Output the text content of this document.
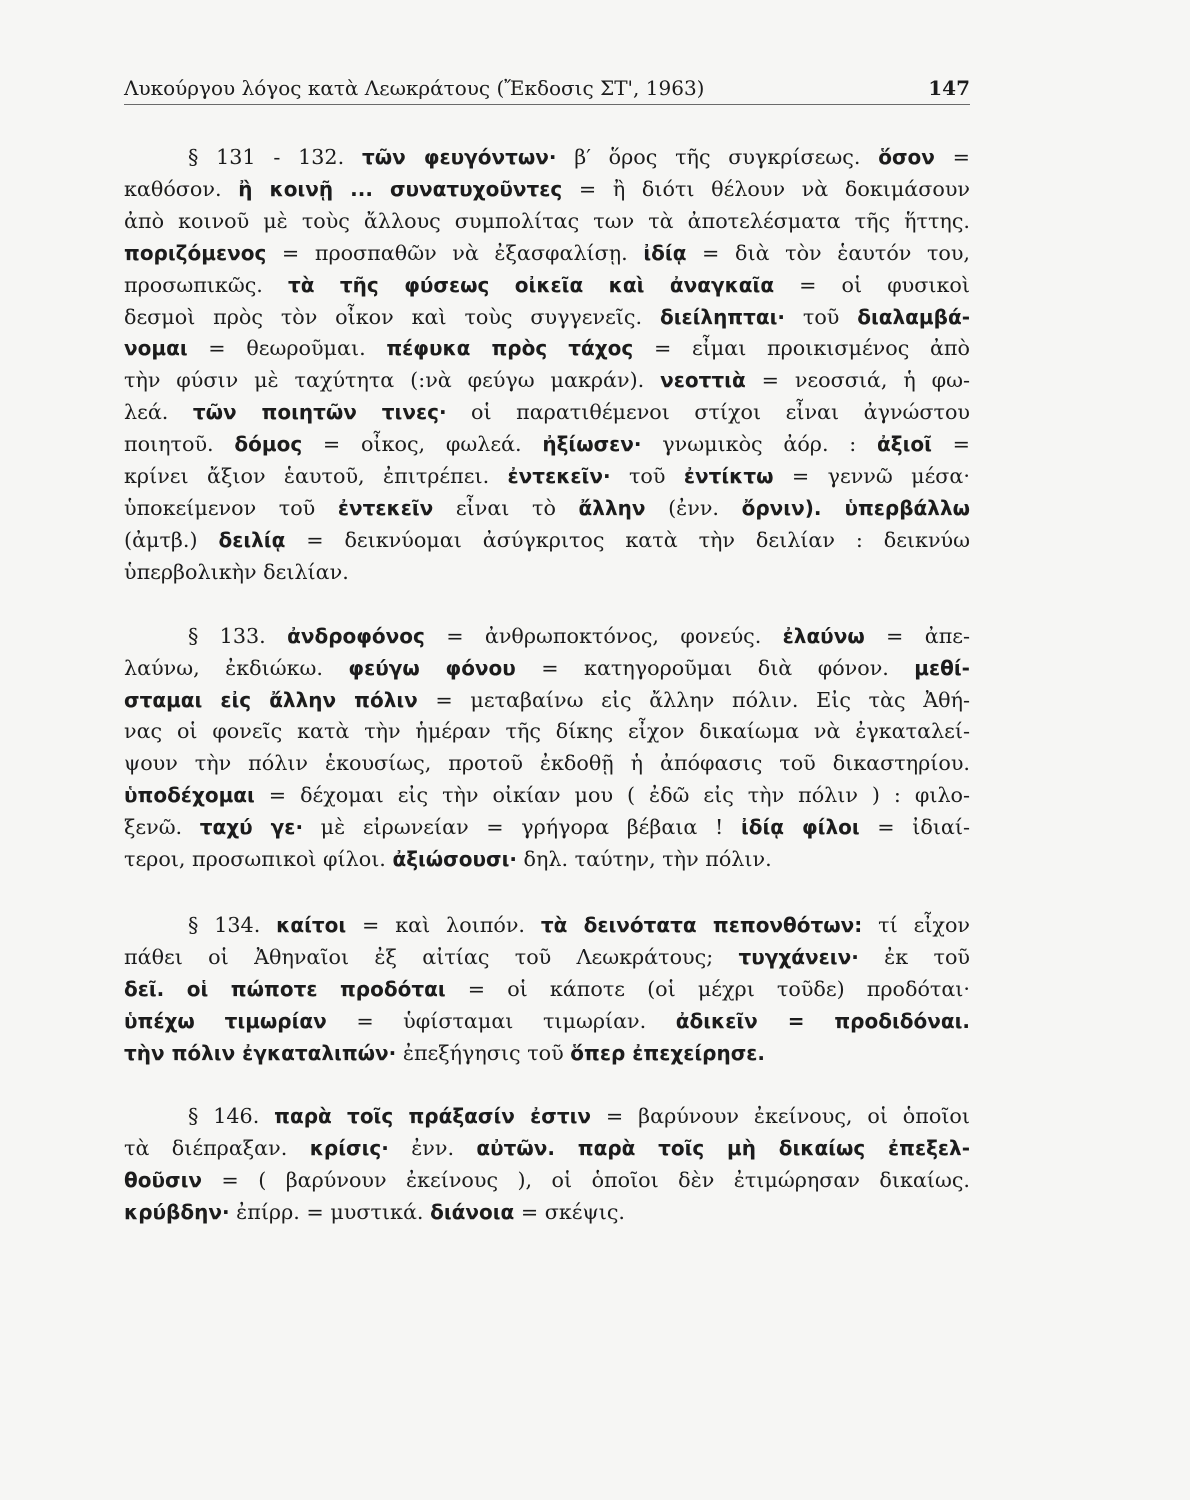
Λυκούργου λόγος κατὰ Λεωκράτους (Ἔκδοσις ΣΤ', 1963)	147
§ 131 - 132. τῶν φευγόντων· β′ ὅρος τῆς συγκρίσεως. ὅσον =
καθόσον. ἢ κοινῇ ... συνατυχοῦντες = ἢ διότι θέλουν νὰ δοκιμάσουν
ἀπὸ κοινοῦ μὲ τοὺς ἄλλους συμπολίτας των τὰ ἀποτελέσματα τῆς ἥττης.
πoριζόμενος = προσπαθῶν νὰ ἐξασφαλίσῃ. ἰδίᾳ = διὰ τὸν ἑαυτόν του,
προσωπικῶς. τὰ τῆς φύσεως οἰκεῖα καὶ ἀναγκαῖα = οἱ φυσικοὶ
δεσμοὶ πρὸς τὸν οἶκον καὶ τοὺς συγγενεῖς. διείληπται· τοῦ διαλαμβά-
νομαι = θεωροῦμαι. πέφυκα πρὸς τάχος = εἶμαι προικισμένος ἀπὸ
τὴν φύσιν μὲ ταχύτητα (:νὰ φεύγω μακράν). νεοττιὰ = νεοσσιά, ἡ φω-
λεά. τῶν ποιητῶν τινες· οἱ παρατιθέμενοι στίχοι εἶναι ἀγνώστου
ποιητοῦ. δόμος = οἶκος, φωλεά. ἠξίωσεν· γνωμικὸς ἀόρ. : ἀξιοῖ =
κρίνει ἄξιον ἑαυτοῦ, ἐπιτρέπει. ἐντεκεῖν· τοῦ ἐντίκτω = γεννῶ μέσα·
ὑποκείμενον τοῦ ἐντεκεῖν εἶναι τὸ ἄλλην (ἐνν. ὄρνιν). ὑπερβάλλω
(ἀμτβ.) δειλίᾳ = δεικνύομαι ἀσύγκριτος κατὰ τὴν δειλίαν : δεικνύω
ὑπερβολικὴν δειλίαν.
§ 133. ἀνδροφόνος = ἀνθρωποκτόνος, φονεύς. ἐλαύνω = ἀπε-
λαύνω, ἐκδιώκω. φεύγω φόνου = κατηγοροῦμαι διὰ φόνον. μεθί-
σταμαι εἰς ἄλλην πόλιν = μεταβαίνω εἰς ἄλλην πόλιν. Εἰς τὰς Ἀθή-
νας οἱ φονεῖς κατὰ τὴν ἡμέραν τῆς δίκης εἶχον δικαίωμα νὰ ἐγκαταλεί-
ψουν τὴν πόλιν ἑκουσίως, προτοῦ ἐκδοθῇ ἡ ἀπόφασις τοῦ δικαστηρίου.
ὑποδέχομαι = δέχομαι εἰς τὴν οἰκίαν μου ( ἐδῶ εἰς τὴν πόλιν ) : φιλο-
ξενῶ. ταχύ γε· μὲ εἰρωνείαν = γρήγορα βέβαια ! ἰδίᾳ φίλοι = ἰδιαί-
τεροι, προσωπικοὶ φίλοι. ἀξιώσουσι· δηλ. ταύτην, τὴν πόλιν.
§ 134. καίτοι = καὶ λοιπόν. τὰ δεινότατα πεπονθότων: τί εἶχον
πάθει οἱ Ἀθηναῖοι ἐξ αἰτίας τοῦ Λεωκράτους; τυγχάνειν· ἐκ τοῦ
δεῖ. οἱ πώποτε προδόται = οἱ κάποτε (οἱ μέχρι τοῦδε) προδόται·
ὑπέχω τιμωρίαν = ὑφίσταμαι τιμωρίαν. ἀδικεῖν = προδιδόναι.
τὴν πόλιν ἐγκαταλιπών· ἐπεξήγησις τοῦ ὅπερ ἐπεχείρησε.
§ 146. παρὰ τοῖς πράξασίν ἐστιν = βαρύνουν ἐκείνους, οἱ ὁποῖοι
τὰ διέπραξαν. κρίσις· ἐνν. αὐτῶν. παρὰ τοῖς μὴ δικαίως ἐπεξελ-
θοῦσιν = ( βαρύνουν ἐκείνους ), οἱ ὁποῖοι δὲν ἐτιμώρησαν δικαίως.
κρύβδην· ἐπίρρ. = μυστικά. διάνοια = σκέψις.
